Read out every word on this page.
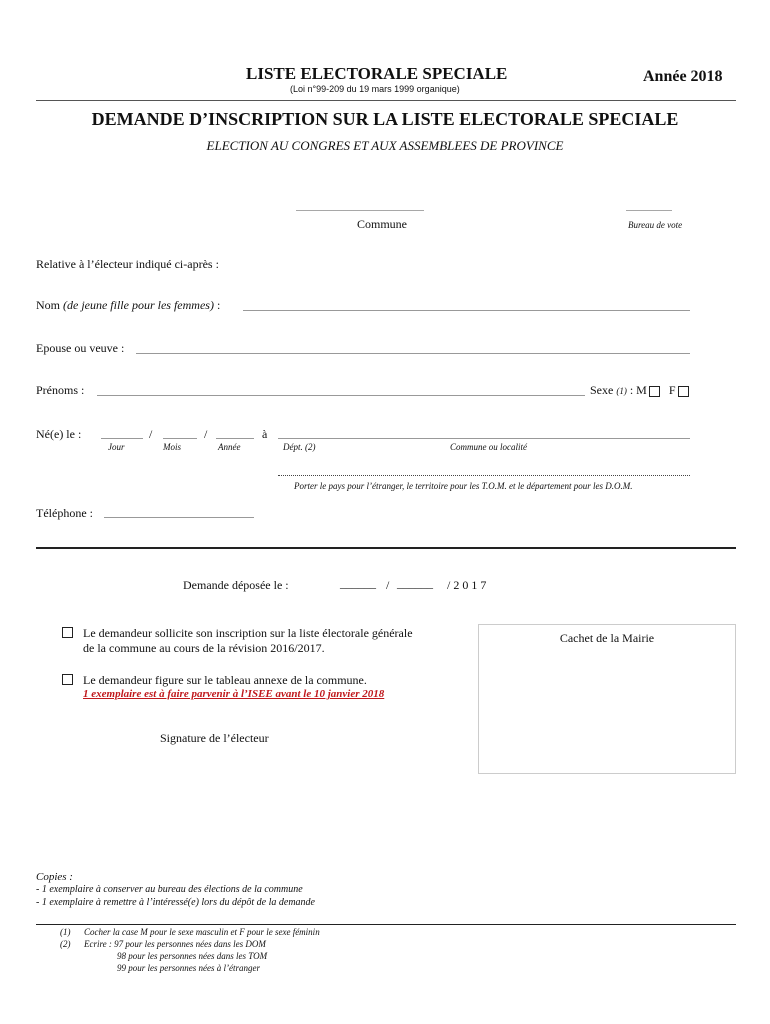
LISTE ELECTORALE SPECIALE
(Loi n°99-209 du 19 mars 1999 organique)
Année 2018
DEMANDE D’INSCRIPTION SUR LA LISTE ELECTORALE SPECIALE
ELECTION AU CONGRES ET AUX ASSEMBLEES DE PROVINCE
................................................................
Commune
.......................
Bureau de vote
Relative à l’électeur indiqué ci-après :
Nom (de jeune fille pour les femmes) :
Epouse ou veuve :
Prénoms :	Sexe (1) : M F
Né(e) le :	/	/	à
Jour	Mois	Année	Dépt. (2)	Commune ou localité
Porter le pays pour l’étranger, le territoire pour les T.O.M. et le département pour les D.O.M.
Téléphone :
Demande déposée le :	______ / ______ / 2 0 1 7
Le demandeur sollicite son inscription sur la liste électorale générale
de la commune au cours de la révision 2016/2017.
Le demandeur figure sur le tableau annexe de la commune.
1 exemplaire est à faire parvenir à l’ISEE avant le 10 janvier 2018
Signature de l’électeur
Cachet de la Mairie
Copies :
- 1 exemplaire à conserver au bureau des élections de la commune
- 1 exemplaire à remettre à l’intéressé(e) lors du dépôt de la demande
(1) Cocher la case M pour le sexe masculin et F pour le sexe féminin
(2) Ecrire : 97 pour les personnes nées dans les DOM
98 pour les personnes nées dans les TOM
99 pour les personnes nées à l’étranger
